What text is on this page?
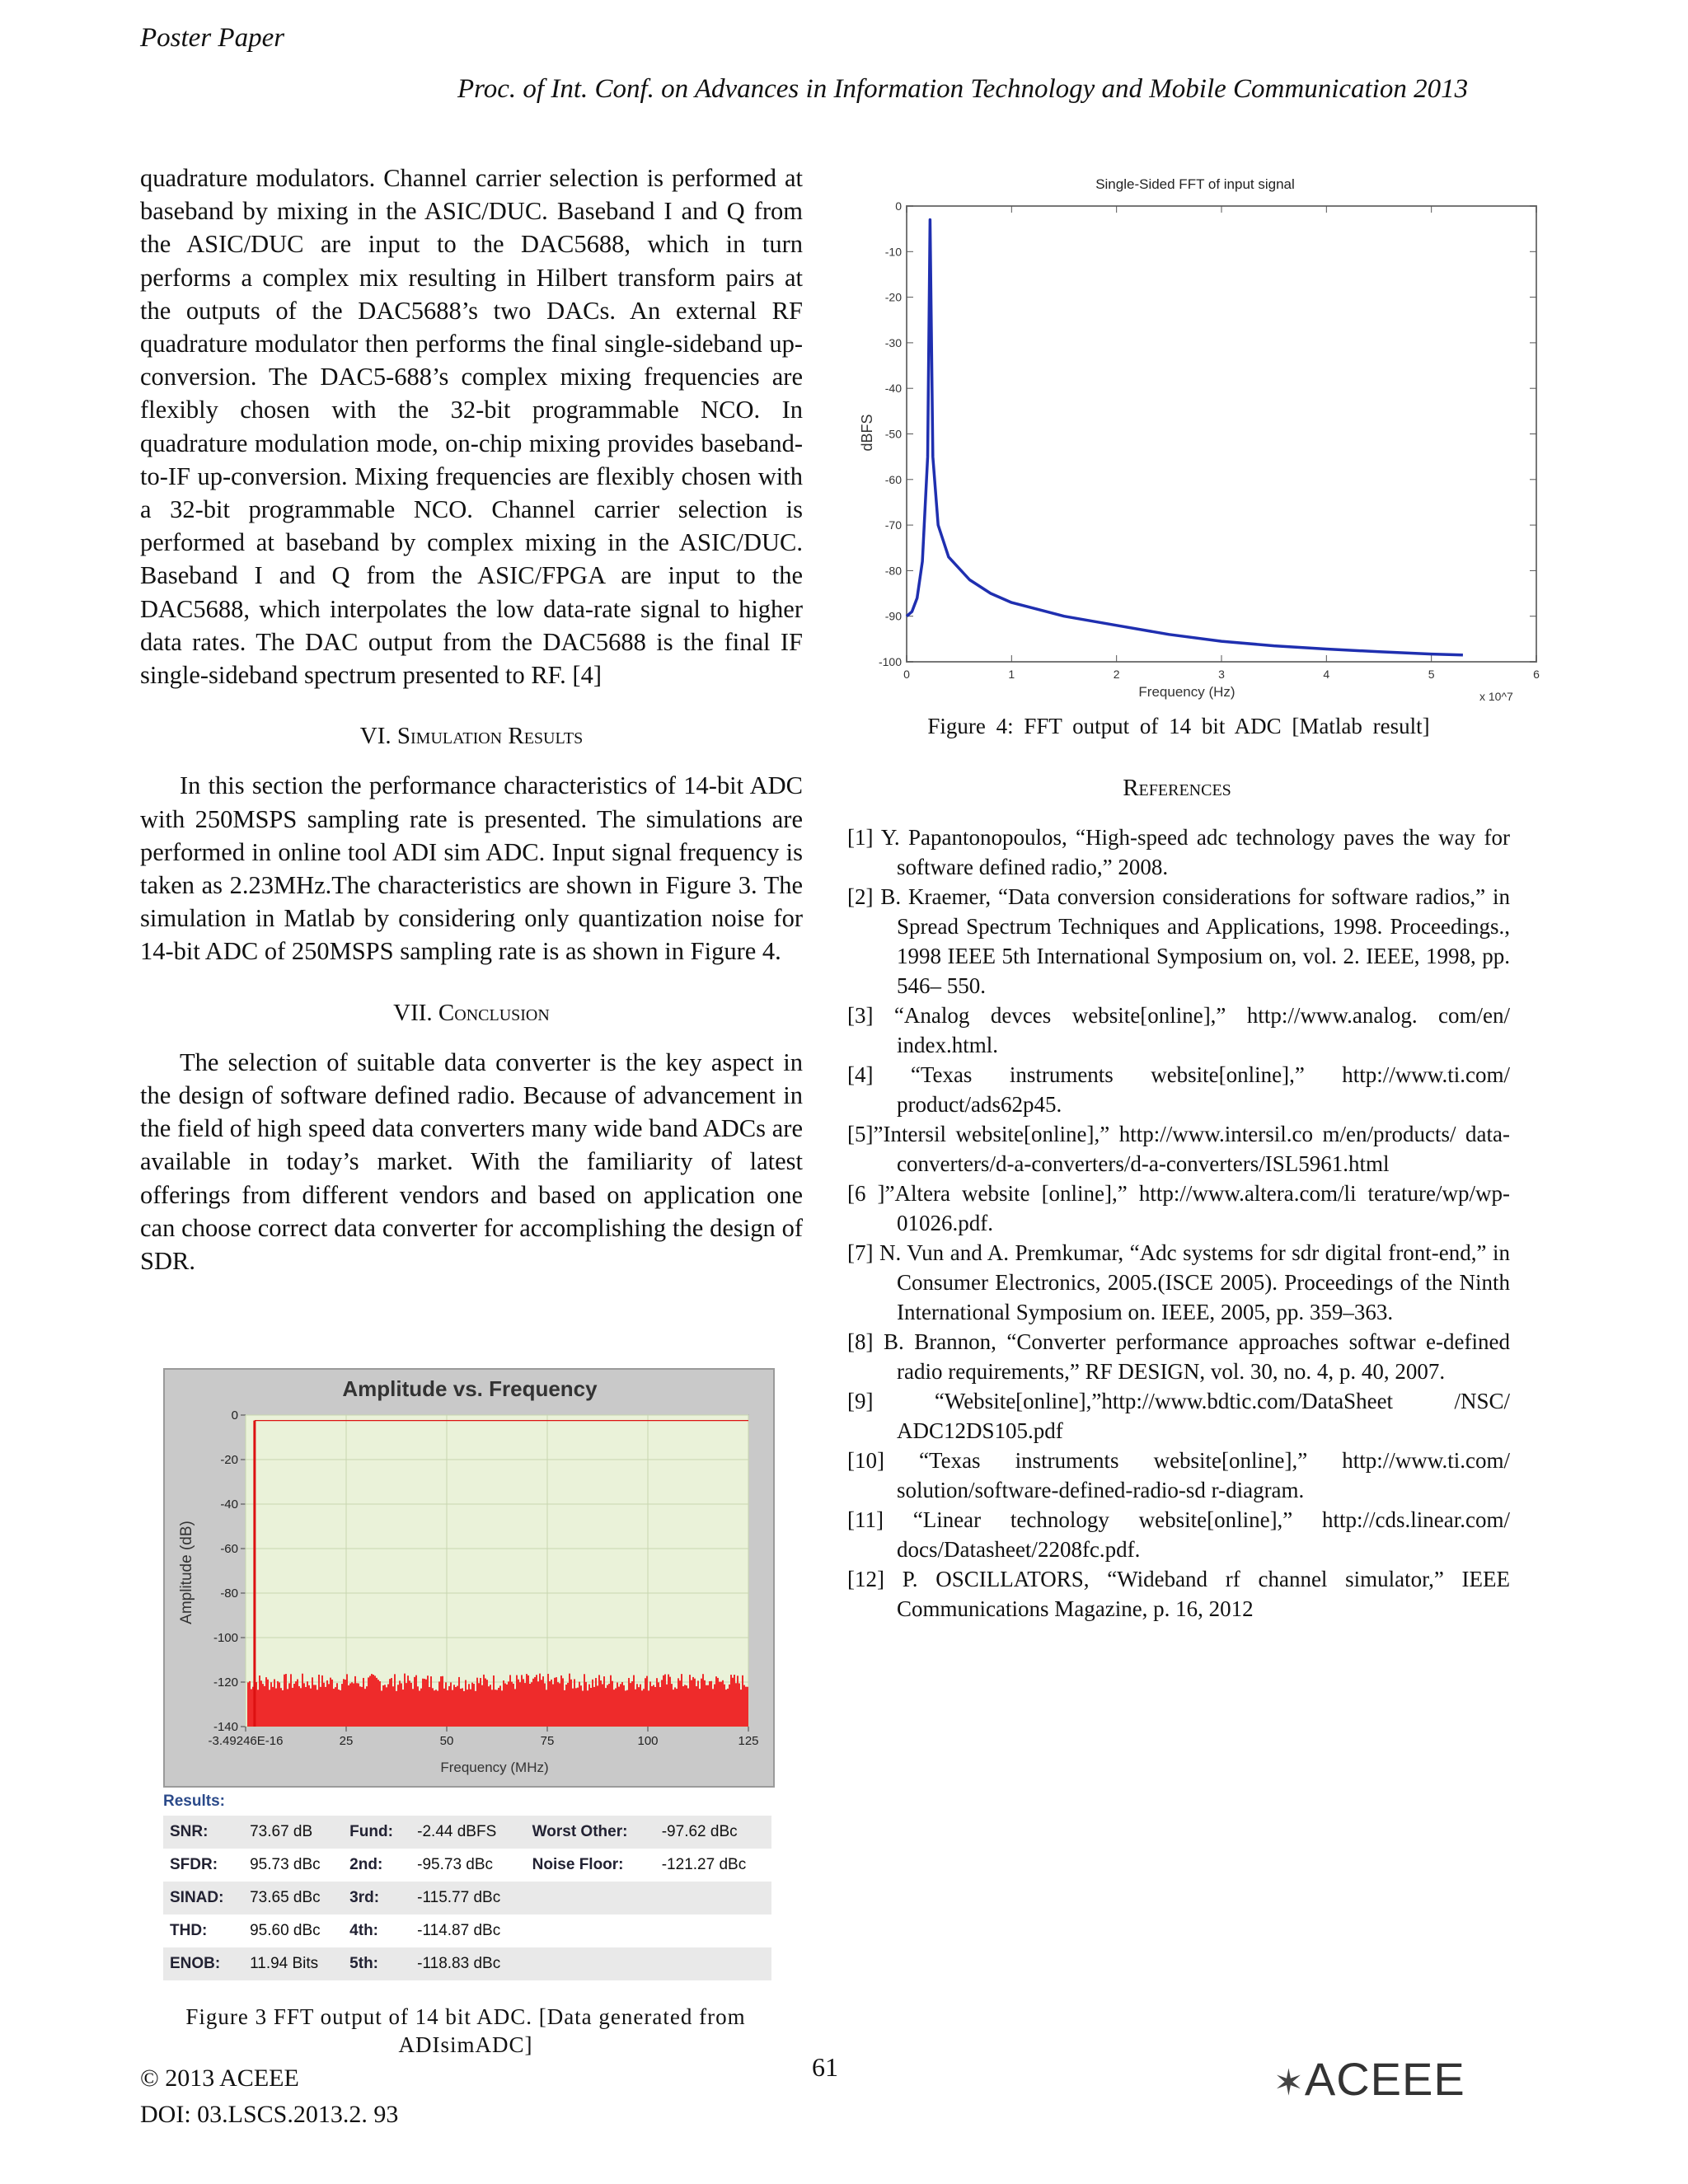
Poster Paper
Proc. of Int. Conf. on Advances in Information Technology and Mobile Communication 2013

quadrature modulators. Channel carrier selection is performed at baseband by mixing in the ASIC/DUC. Baseband I and Q from the ASIC/DUC are input to the DAC5688, which in turn performs a complex mix resulting in Hilbert transform pairs at the outputs of the DAC5688’s two DACs. An external RF quadrature modulator then performs the final single-sideband up-conversion. The DAC5-688’s complex mixing frequencies are flexibly chosen with the 32-bit programmable NCO. In quadrature modulation mode, on-chip mixing provides baseband-to-IF up-conversion. Mixing frequencies are flexibly chosen with a 32-bit programmable NCO. Channel carrier selection is performed at baseband by complex mixing in the ASIC/DUC. Baseband I and Q from the ASIC/FPGA are input to the DAC5688, which interpolates the low data-rate signal to higher data rates. The DAC output from the DAC5688 is the final IF single-sideband spectrum presented to RF. [4]

VI. Simulation Results

In this section the performance characteristics of 14-bit ADC with 250MSPS sampling rate is presented. The simulations are performed in online tool ADI sim ADC. Input signal frequency is taken as 2.23MHz.The characteristics are shown in Figure 3. The simulation in Matlab by considering only quantization noise for 14-bit ADC of 250MSPS sampling rate is as shown in Figure 4.

VII. Conclusion

The selection of suitable data converter is the key aspect in the design of software defined radio. Because of advancement in the field of high speed data converters many wide band ADCs are available in today’s market. With the familiarity of latest offerings from different vendors and based on application one can choose correct data converter for accomplishing the design of SDR.

Single-Sided FFT of input signal
0
-10
-20
-30
-40
-50
-60
-70
-80
-90
-100
0	1	2	3	4	5	6
dBFS
Frequency (Hz)	x 10^7
Figure 4: FFT output of 14 bit ADC [Matlab result]
References
[1] Y. Papantonopoulos, “High-speed adc technology paves the way for software defined radio,” 2008.
[2] B. Kraemer, “Data conversion considerations for software radios,” in Spread Spectrum Techniques and Applications, 1998. Proceedings., 1998 IEEE 5th International Symposium on, vol. 2. IEEE, 1998, pp. 546– 550.
[3] “Analog devces website[online],” http://www.analog. com/en/ index.html.
[4] “Texas instruments website[online],” http://www.ti.com/ product/ads62p45.
[5]”Intersil website[online],” http://www.intersil.co m/en/products/ data-converters/d-a-converters/d-a-converters/ISL5961.html
[6 ]”Altera website [online],” http://www.altera.com/li terature/wp/wp- 01026.pdf.
[7] N. Vun and A. Premkumar, “Adc systems for sdr digital front-end,” in Consumer Electronics, 2005.(ISCE 2005). Proceedings of the Ninth International Symposium on. IEEE, 2005, pp. 359–363.
[8] B. Brannon, “Converter performance approaches softwar e-defined radio requirements,” RF DESIGN, vol. 30, no. 4, p. 40, 2007.
[9] “Website[online],”http://www.bdtic.com/DataSheet /NSC/ ADC12DS105.pdf
[10] “Texas instruments website[online],” http://www.ti.com/ solution/software-defined-radio-sd r-diagram.
[11] “Linear technology website[online],” http://cds.linear.com/ docs/Datasheet/2208fc.pdf.
[12] P. OSCILLATORS, “Wideband rf channel simulator,” IEEE Communications Magazine, p. 16, 2012
Amplitude vs. Frequency
0
-20
-40
-60
-80
-100
-120
-140
-3.49246E-16	25	50	75	100	125
Amplitude (dB)
Frequency (MHz)
Results:
SNR:	73.67 dB	Fund:	-2.44 dBFS	Worst Other:	-97.62 dBc
SFDR:	95.73 dBc	2nd:	-95.73 dBc	Noise Floor:	-121.27 dBc
SINAD:	73.65 dBc	3rd:	-115.77 dBc		
THD:	95.60 dBc	4th:	-114.87 dBc		
ENOB:	11.94 Bits	5th:	-118.83 dBc		
Figure 3 FFT output of 14 bit ADC. [Data generated from ADIsimADC]
© 2013 ACEEE
DOI: 03.LSCS.2013.2. 93
61	✶ACEEE
